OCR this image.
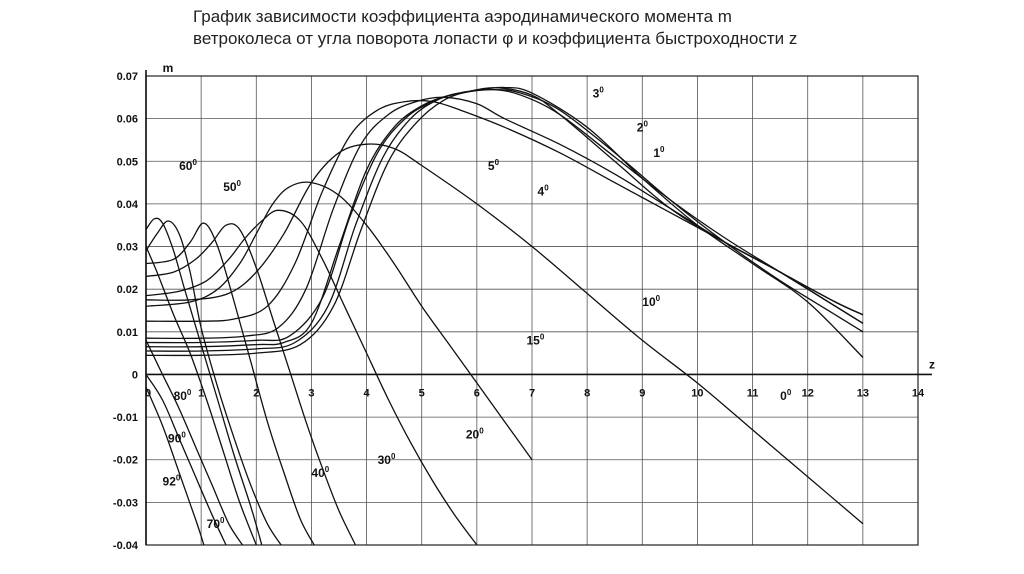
График зависимости коэффициента аэродинамического момента m
ветроколеса от угла поворота лопасти φ и коэффициента быстроходности z
0.07
0.06
0.05
0.04
0.03
0.02
0.01
0
-0.01
-0.02
-0.03
-0.04
0	1	2	3	4	5	6	7	8	9	10	11	12	13	14
m
z
$0^0$
$1^0$
$2^0$
$3^0$
$4^0$
$5^0$
$10^0$
$15^0$
$20^0$
$30^0$
$40^0$
$50^0$
$60^0$
$70^0$
$80^0$
$90^0$
$92^0$
